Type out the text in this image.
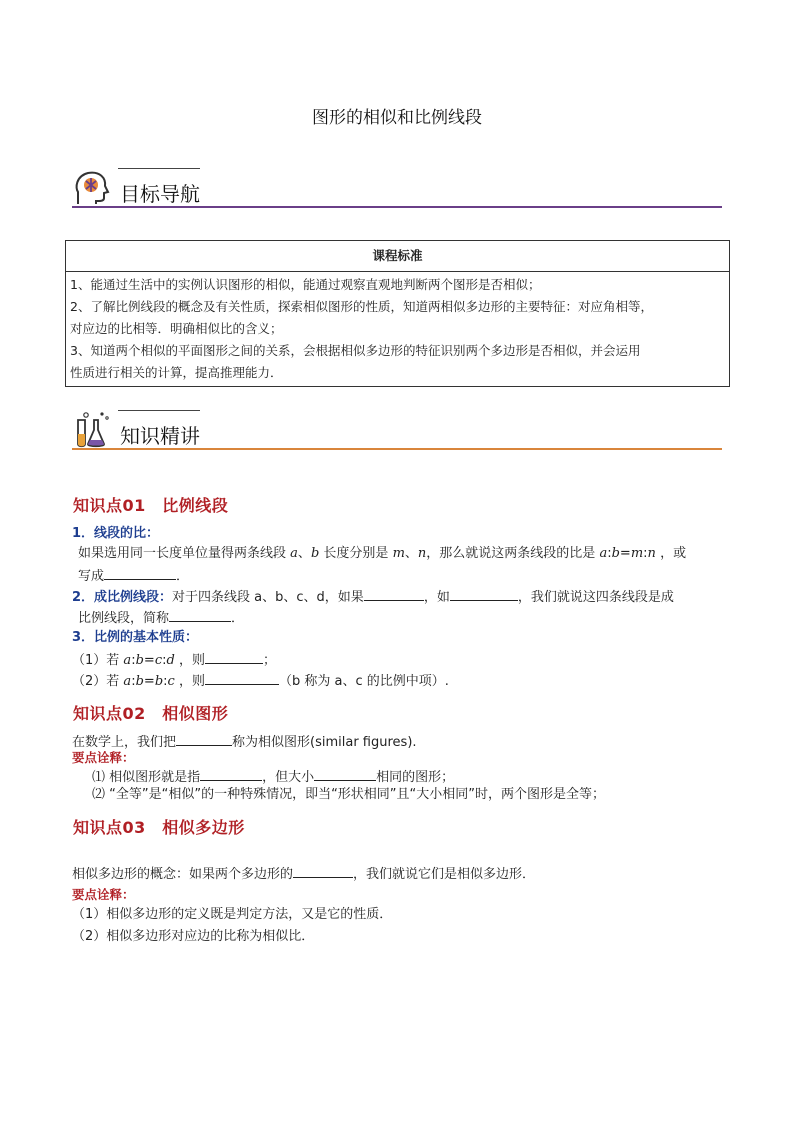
图形的相似和比例线段
目标导航
课程标准
1、能通过生活中的实例认识图形的相似，能通过观察直观地判断两个图形是否相似；
2、了解比例线段的概念及有关性质，探索相似图形的性质，知道两相似多边形的主要特征：对应角相等，
对应边的比相等．明确相似比的含义；
3、知道两个相似的平面图形之间的关系，会根据相似多边形的特征识别两个多边形是否相似，并会运用
性质进行相关的计算，提高推理能力．
知识精讲
知识点01　比例线段
1．线段的比：
如果选用同一长度单位量得两条线段 a、b 长度分别是 m、n，那么就说这两条线段的比是 a:b=m:n ，或
写成	．
2．成比例线段：对于四条线段 a、b、c、d，如果	，如	，我们就说这四条线段是成
比例线段，简称	．
3．比例的基本性质：
（1）若 a:b=c:d ，则	；
（2）若 a:b=b:c ，则	（b 称为 a、c 的比例中项）.
知识点02　相似图形
在数学上，我们把	称为相似图形(similar figures).
要点诠释：
⑴ 相似图形就是指	，但大小	相同的图形；
⑵ “全等”是“相似”的一种特殊情况，即当“形状相同”且“大小相同”时，两个图形是全等；
知识点03　相似多边形
相似多边形的概念：如果两个多边形的	，我们就说它们是相似多边形．
要点诠释：
（1）相似多边形的定义既是判定方法，又是它的性质．
（2）相似多边形对应边的比称为相似比．
